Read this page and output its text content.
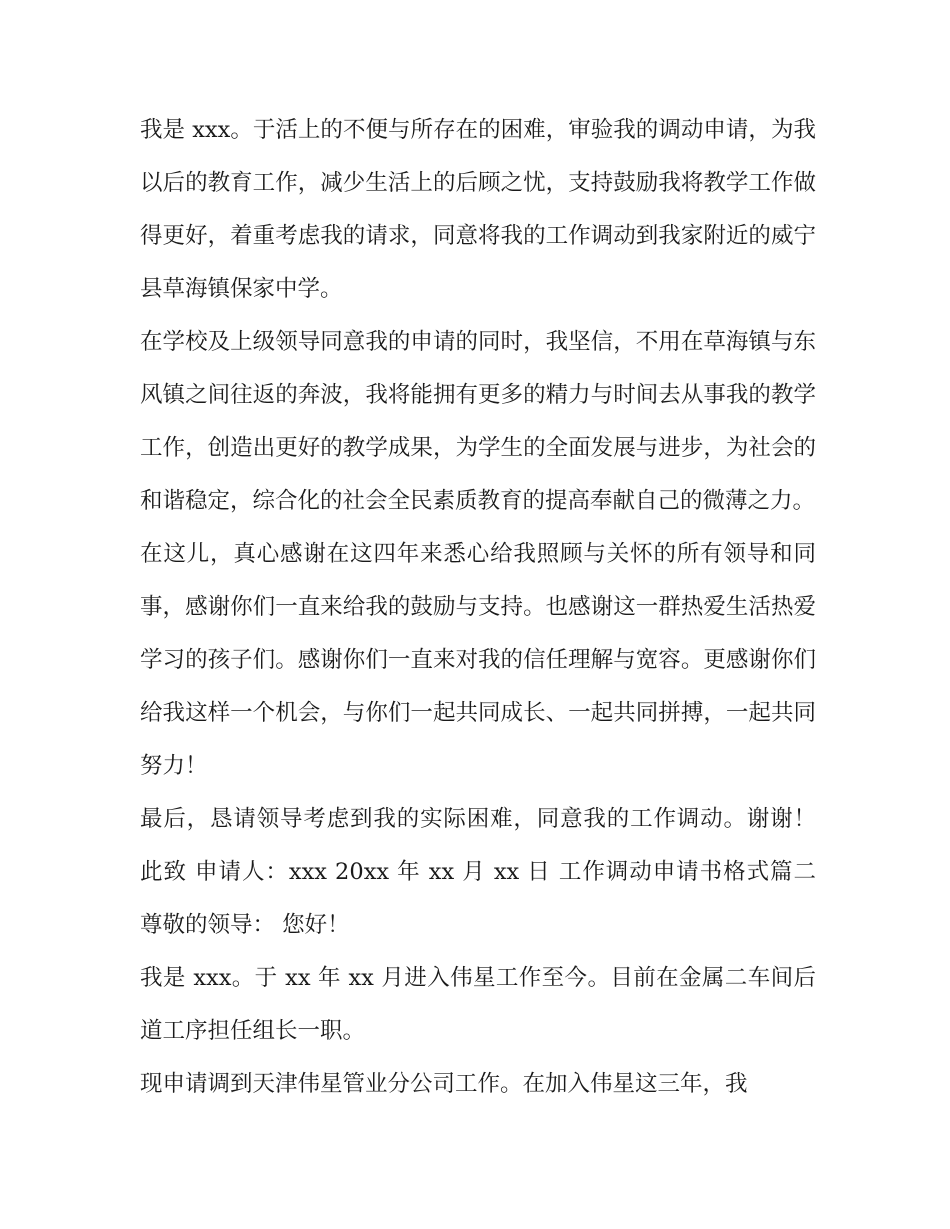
我是 xxx。于活上的不便与所存在的困难，审验我的调动申请，为我以后的教育工作，减少生活上的后顾之忧，支持鼓励我将教学工作做得更好，着重考虑我的请求，同意将我的工作调动到我家附近的威宁县草海镇保家中学。

在学校及上级领导同意我的申请的同时，我坚信，不用在草海镇与东风镇之间往返的奔波，我将能拥有更多的精力与时间去从事我的教学工作，创造出更好的教学成果，为学生的全面发展与进步，为社会的和谐稳定，综合化的社会全民素质教育的提高奉献自己的微薄之力。

在这儿，真心感谢在这四年来悉心给我照顾与关怀的所有领导和同事，感谢你们一直来给我的鼓励与支持。也感谢这一群热爱生活热爱学习的孩子们。感谢你们一直来对我的信任理解与宽容。更感谢你们给我这样一个机会，与你们一起共同成长、一起共同拼搏，一起共同努力！

最后，恳请领导考虑到我的实际困难，同意我的工作调动。谢谢！ 此致 申请人：xxx 20xx 年 xx 月 xx 日 工作调动申请书格式篇二 尊敬的领导： 您好！

我是 xxx。于 xx 年 xx 月进入伟星工作至今。目前在金属二车间后道工序担任组长一职。

现申请调到天津伟星管业分公司工作。在加入伟星这三年，我
